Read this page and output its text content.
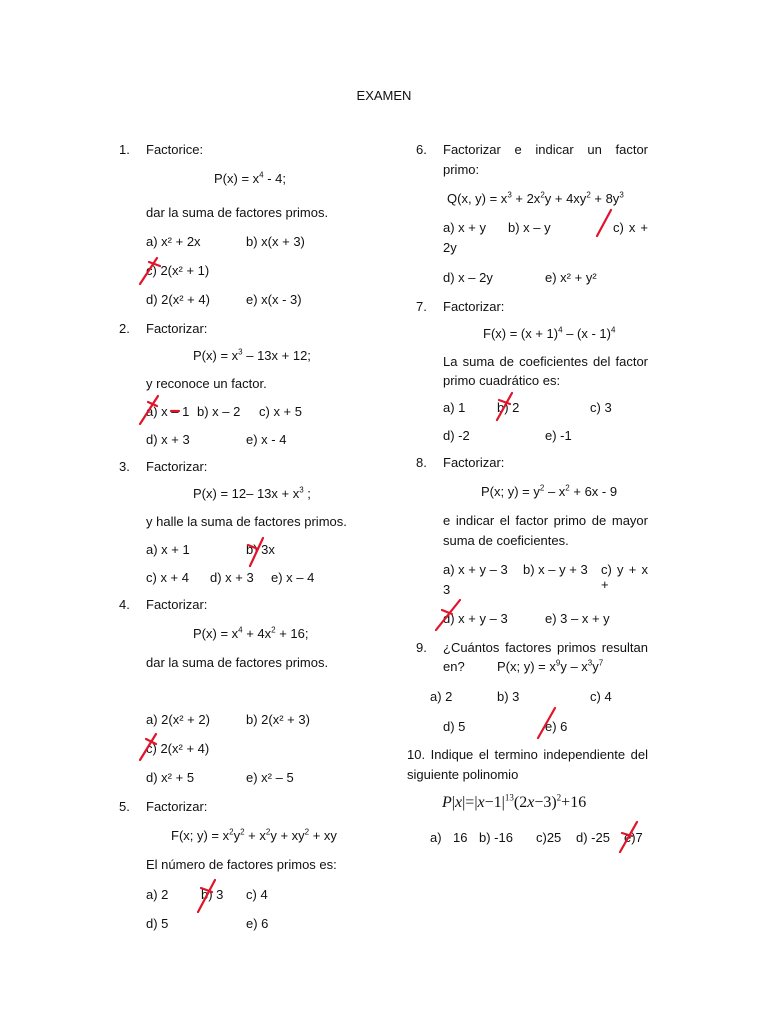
EXAMEN
1. Factorice:
$P(x) = x^4 - 4$;
dar la suma de factores primos.
a) x² + 2x	b) x(x + 3)
c) 2(x² + 1)
d) 2(x² + 4)	e) x(x - 3)
2. Factorizar:
$P(x) = x^3 - 13x + 12$;
y reconoce un factor.
a) x – 1 b) x – 2 c) x + 5
d) x + 3	e) x - 4
3. Factorizar:
P(x) = 12– $13x + x^3$ ;
y halle la suma de factores primos.
a) x + 1	b) 3x
c) x + 4 d) x + 3 e) x – 4
4. Factorizar:
$P(x) = x^4 + 4x^2 + 16$;
dar la suma de factores primos.
a) 2(x² + 2)	b) 2(x² + 3)
c) 2(x² + 4)
d) x² + 5	e) x² – 5
5. Factorizar:
F(x; $y) = x^2y^2 + x^2y + xy^2$ + xy
El número de factores primos es:
a) 2	b) 3 c) 4
d) 5	e) 6
6. Factorizar e indicar un factor
primo:
Q(x, $y) = x^3 + 2x^2y + 4xy^2 + 8y^3$
a) x + y b) x – y	c) x +
2y
d) x – 2y	e) x² + y²
7. Factorizar:
$F(x) = (x + 1)^4 - (x - 1)^4$
La suma de coeficientes del factor
primo cuadrático es:
a) 1 b) 2	c) 3
d) -2	e) -1
8. Factorizar:
P(x; $y) = y^2 - x^2 + 6x - 9$
e indicar el factor primo de mayor
suma de coeficientes.
a) x + y – 3 b) x – y + 3 c) y + x +
3
d) x + y – 3	e) 3 – x + y
9. ¿Cuántos factores primos resultan
en? P(x; $y) = x^9y - x^3y^7$
a) 2	b) 3	c) 4
d) 5	e) 6
10. Indique el termino independiente del
siguiente polinomio
$P|x|=|x-1|^{13}(2x-3)^2+16$
a) 16 b) -16 c)25 d) -25 e)7
